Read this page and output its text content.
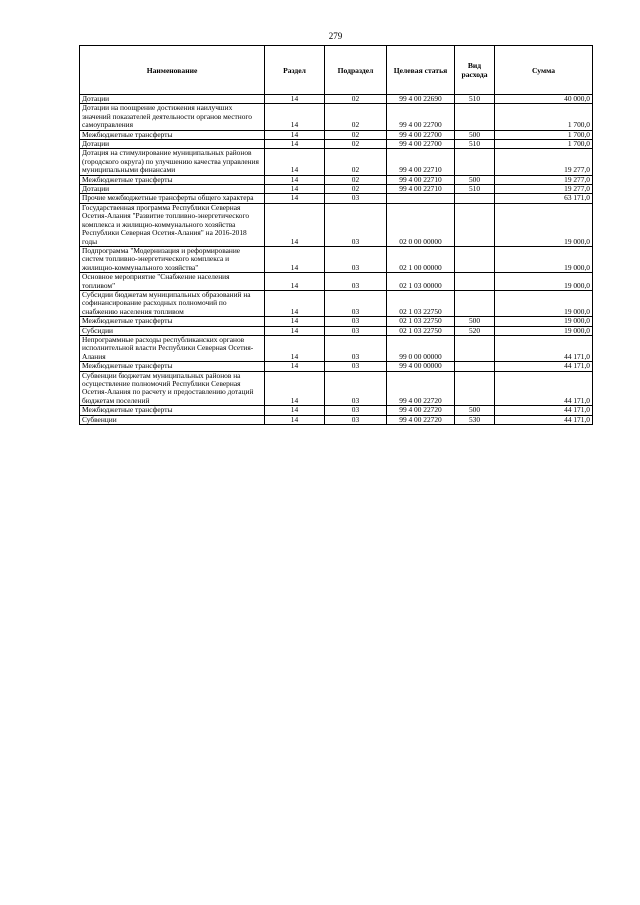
279
Наименование	Раздел	Подраздел	Целевая статья	Вид расхода	Сумма
Дотации	14	02	99 4 00 22690	510	40 000,0
Дотации на поощрение достижения наилучших значений показателей деятельности органов местного самоуправления	14	02	99 4 00 22700		1 700,0
Межбюджетные трансферты	14	02	99 4 00 22700	500	1 700,0
Дотации	14	02	99 4 00 22700	510	1 700,0
Дотация на стимулирование муниципальных районов (городского округа) по улучшению качества управления муниципальными финансами	14	02	99 4 00 22710		19 277,0
Межбюджетные трансферты	14	02	99 4 00 22710	500	19 277,0
Дотации	14	02	99 4 00 22710	510	19 277,0
Прочие межбюджетные трансферты общего характера	14	03			63 171,0
Государственная программа Республики Северная Осетия-Алания "Развитие топливно-энергетического комплекса и жилищно-коммунального хозяйства Республики Северная Осетия-Алания" на 2016-2018 годы	14	03	02 0 00 00000		19 000,0
Подпрограмма "Модернизация и реформирование систем топливно-энергетического комплекса и жилищно-коммунального хозяйства"	14	03	02 1 00 00000		19 000,0
Основное мероприятие "Снабжение населения топливом"	14	03	02 1 03 00000		19 000,0
Субсидии бюджетам муниципальных образований на софинансирование расходных полномочий по снабжению населения топливом	14	03	02 1 03 22750		19 000,0
Межбюджетные трансферты	14	03	02 1 03 22750	500	19 000,0
Субсидии	14	03	02 1 03 22750	520	19 000,0
Непрограммные расходы республиканских органов исполнительной власти Республики Северная Осетия-Алания	14	03	99 0 00 00000		44 171,0
Межбюджетные трансферты	14	03	99 4 00 00000		44 171,0
Субвенции бюджетам муниципальных районов на осуществление полномочий Республики Северная Осетия-Алания по расчету и предоставлению дотаций бюджетам поселений	14	03	99 4 00 22720		44 171,0
Межбюджетные трансферты	14	03	99 4 00 22720	500	44 171,0
Субвенции	14	03	99 4 00 22720	530	44 171,0
